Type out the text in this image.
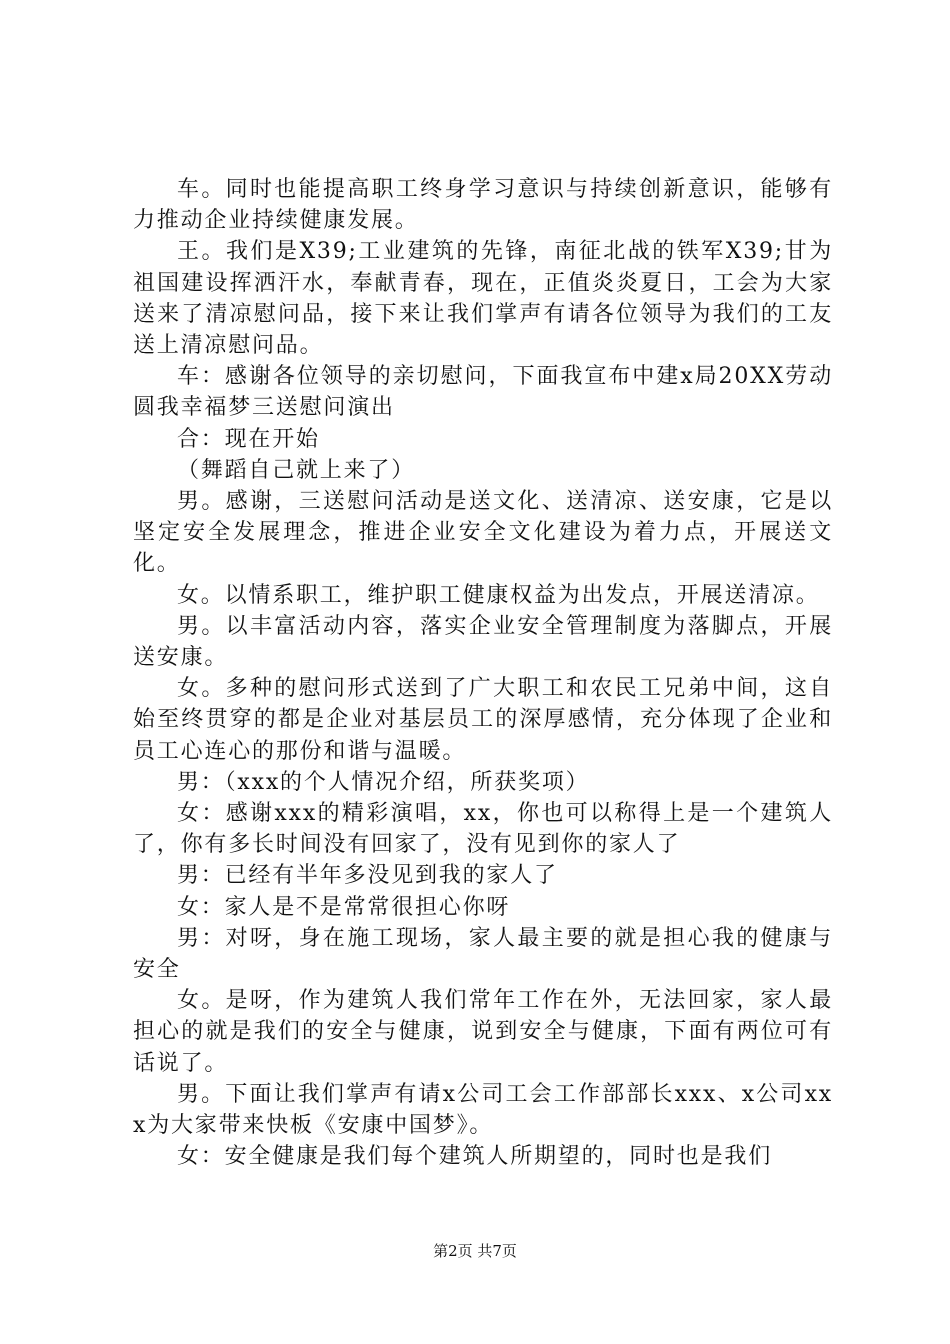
车。同时也能提高职工终身学习意识与持续创新意识，能够有力推动企业持续健康发展。

王。我们是X39;工业建筑的先锋，南征北战的铁军X39;甘为祖国建设挥洒汗水，奉献青春，现在，正值炎炎夏日，工会为大家送来了清凉慰问品，接下来让我们掌声有请各位领导为我们的工友送上清凉慰问品。

车：感谢各位领导的亲切慰问，下面我宣布中建x局20XX劳动圆我幸福梦三送慰问演出

合：现在开始

（舞蹈自己就上来了）

男。感谢，三送慰问活动是送文化、送清凉、送安康，它是以坚定安全发展理念，推进企业安全文化建设为着力点，开展送文化。

女。以情系职工，维护职工健康权益为出发点，开展送清凉。

男。以丰富活动内容，落实企业安全管理制度为落脚点，开展送安康。

女。多种的慰问形式送到了广大职工和农民工兄弟中间，这自始至终贯穿的都是企业对基层员工的深厚感情，充分体现了企业和员工心连心的那份和谐与温暖。

男：（xxx的个人情况介绍，所获奖项）

女：感谢xxx的精彩演唱，xx，你也可以称得上是一个建筑人了，你有多长时间没有回家了，没有见到你的家人了

男：已经有半年多没见到我的家人了

女：家人是不是常常很担心你呀

男：对呀，身在施工现场，家人最主要的就是担心我的健康与安全

女。是呀，作为建筑人我们常年工作在外，无法回家，家人最担心的就是我们的安全与健康，说到安全与健康，下面有两位可有话说了。

男。下面让我们掌声有请x公司工会工作部部长xxx、x公司xxx为大家带来快板《安康中国梦》。

女：安全健康是我们每个建筑人所期望的，同时也是我们

第2页 共7页
